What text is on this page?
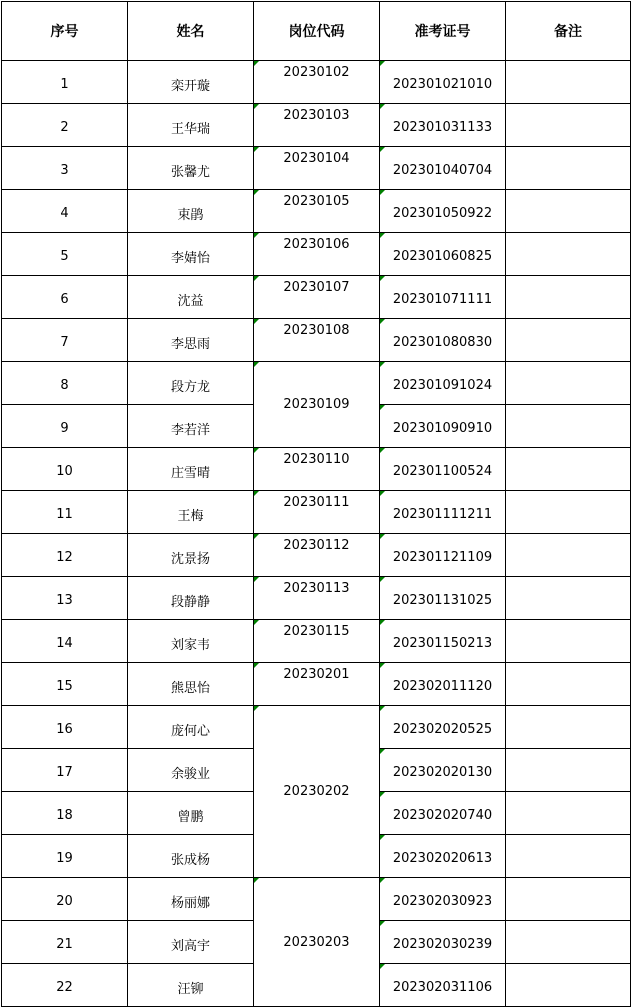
序号	姓名	岗位代码	准考证号	备注
1	栾开璇	20230102	202301021010	
2	王华瑞	20230103	202301031133	
3	张馨尤	20230104	202301040704	
4	束鹃	20230105	202301050922	
5	李婧怡	20230106	202301060825	
6	沈益	20230107	202301071111	
7	李思雨	20230108	202301080830	
8	段方龙	20230109	202301091024	
9	李若洋		202301090910	
10	庄雪晴	20230110	202301100524	
11	王梅	20230111	202301111211	
12	沈景扬	20230112	202301121109	
13	段静静	20230113	202301131025	
14	刘家韦	20230115	202301150213	
15	熊思怡	20230201	202302011120	
16	庞何心	20230202	202302020525	
17	余骏业		202302020130	
18	曾鹏		202302020740	
19	张成杨		202302020613	
20	杨丽娜	20230203	202302030923	
21	刘高宇		202302030239	
22	汪铆		202302031106	
